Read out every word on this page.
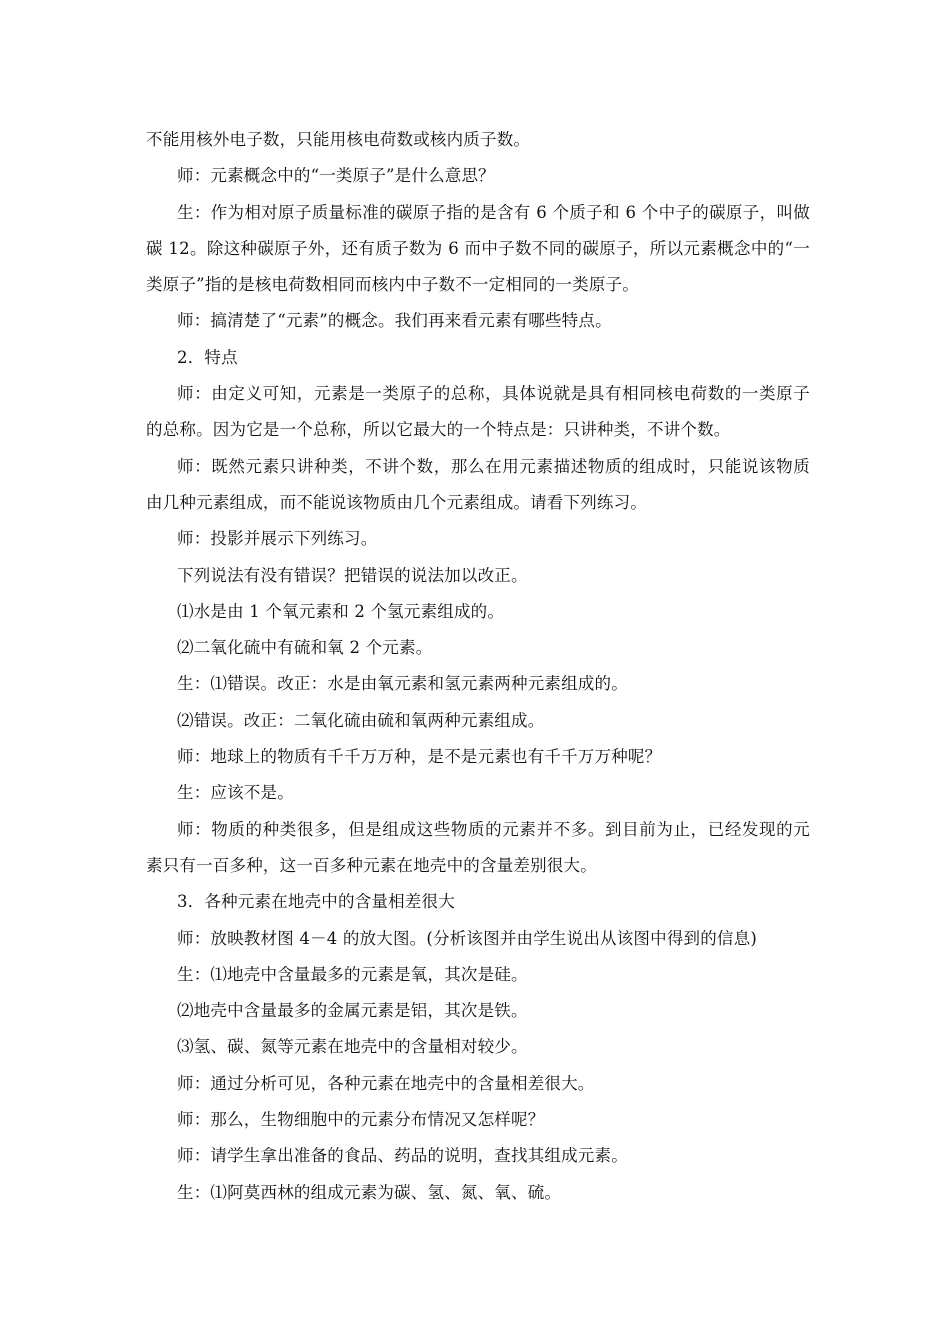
不能用核外电子数，只能用核电荷数或核内质子数。
师：元素概念中的“一类原子”是什么意思？
生：作为相对原子质量标准的碳原子指的是含有 6 个质子和 6 个中子的碳原子，叫做
碳 12。除这种碳原子外，还有质子数为 6 而中子数不同的碳原子，所以元素概念中的“一
类原子”指的是核电荷数相同而核内中子数不一定相同的一类原子。
师：搞清楚了“元素”的概念。我们再来看元素有哪些特点。
2．特点
师：由定义可知，元素是一类原子的总称，具体说就是具有相同核电荷数的一类原子
的总称。因为它是一个总称，所以它最大的一个特点是：只讲种类，不讲个数。
师：既然元素只讲种类，不讲个数，那么在用元素描述物质的组成时，只能说该物质
由几种元素组成，而不能说该物质由几个元素组成。请看下列练习。
师：投影并展示下列练习。
下列说法有没有错误？把错误的说法加以改正。
⑴水是由 1 个氧元素和 2 个氢元素组成的。
⑵二氧化硫中有硫和氧 2 个元素。
生：⑴错误。改正：水是由氧元素和氢元素两种元素组成的。
⑵错误。改正：二氧化硫由硫和氧两种元素组成。
师：地球上的物质有千千万万种，是不是元素也有千千万万种呢？
生：应该不是。
师：物质的种类很多，但是组成这些物质的元素并不多。到目前为止，已经发现的元
素只有一百多种，这一百多种元素在地壳中的含量差别很大。
3．各种元素在地壳中的含量相差很大
师：放映教材图 4－4 的放大图。(分析该图并由学生说出从该图中得到的信息)
生：⑴地壳中含量最多的元素是氧，其次是硅。
⑵地壳中含量最多的金属元素是铝，其次是铁。
⑶氢、碳、氮等元素在地壳中的含量相对较少。
师：通过分析可见，各种元素在地壳中的含量相差很大。
师：那么，生物细胞中的元素分布情况又怎样呢？
师：请学生拿出准备的食品、药品的说明，查找其组成元素。
生：⑴阿莫西林的组成元素为碳、氢、氮、氧、硫。
